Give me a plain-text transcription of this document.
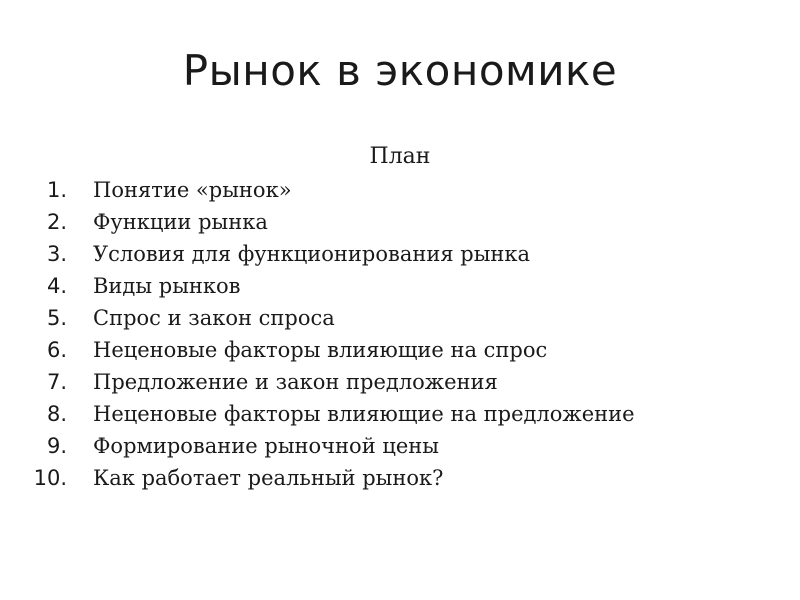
Рынок в экономике
План
1. Понятие «рынок»
2. Функции рынка
3. Условия для функционирования рынка
4. Виды рынков
5. Спрос и закон спроса
6. Неценовые факторы влияющие на спрос
7. Предложение и закон предложения
8. Неценовые факторы влияющие на предложение
9. Формирование рыночной цены
10. Как работает реальный рынок?
